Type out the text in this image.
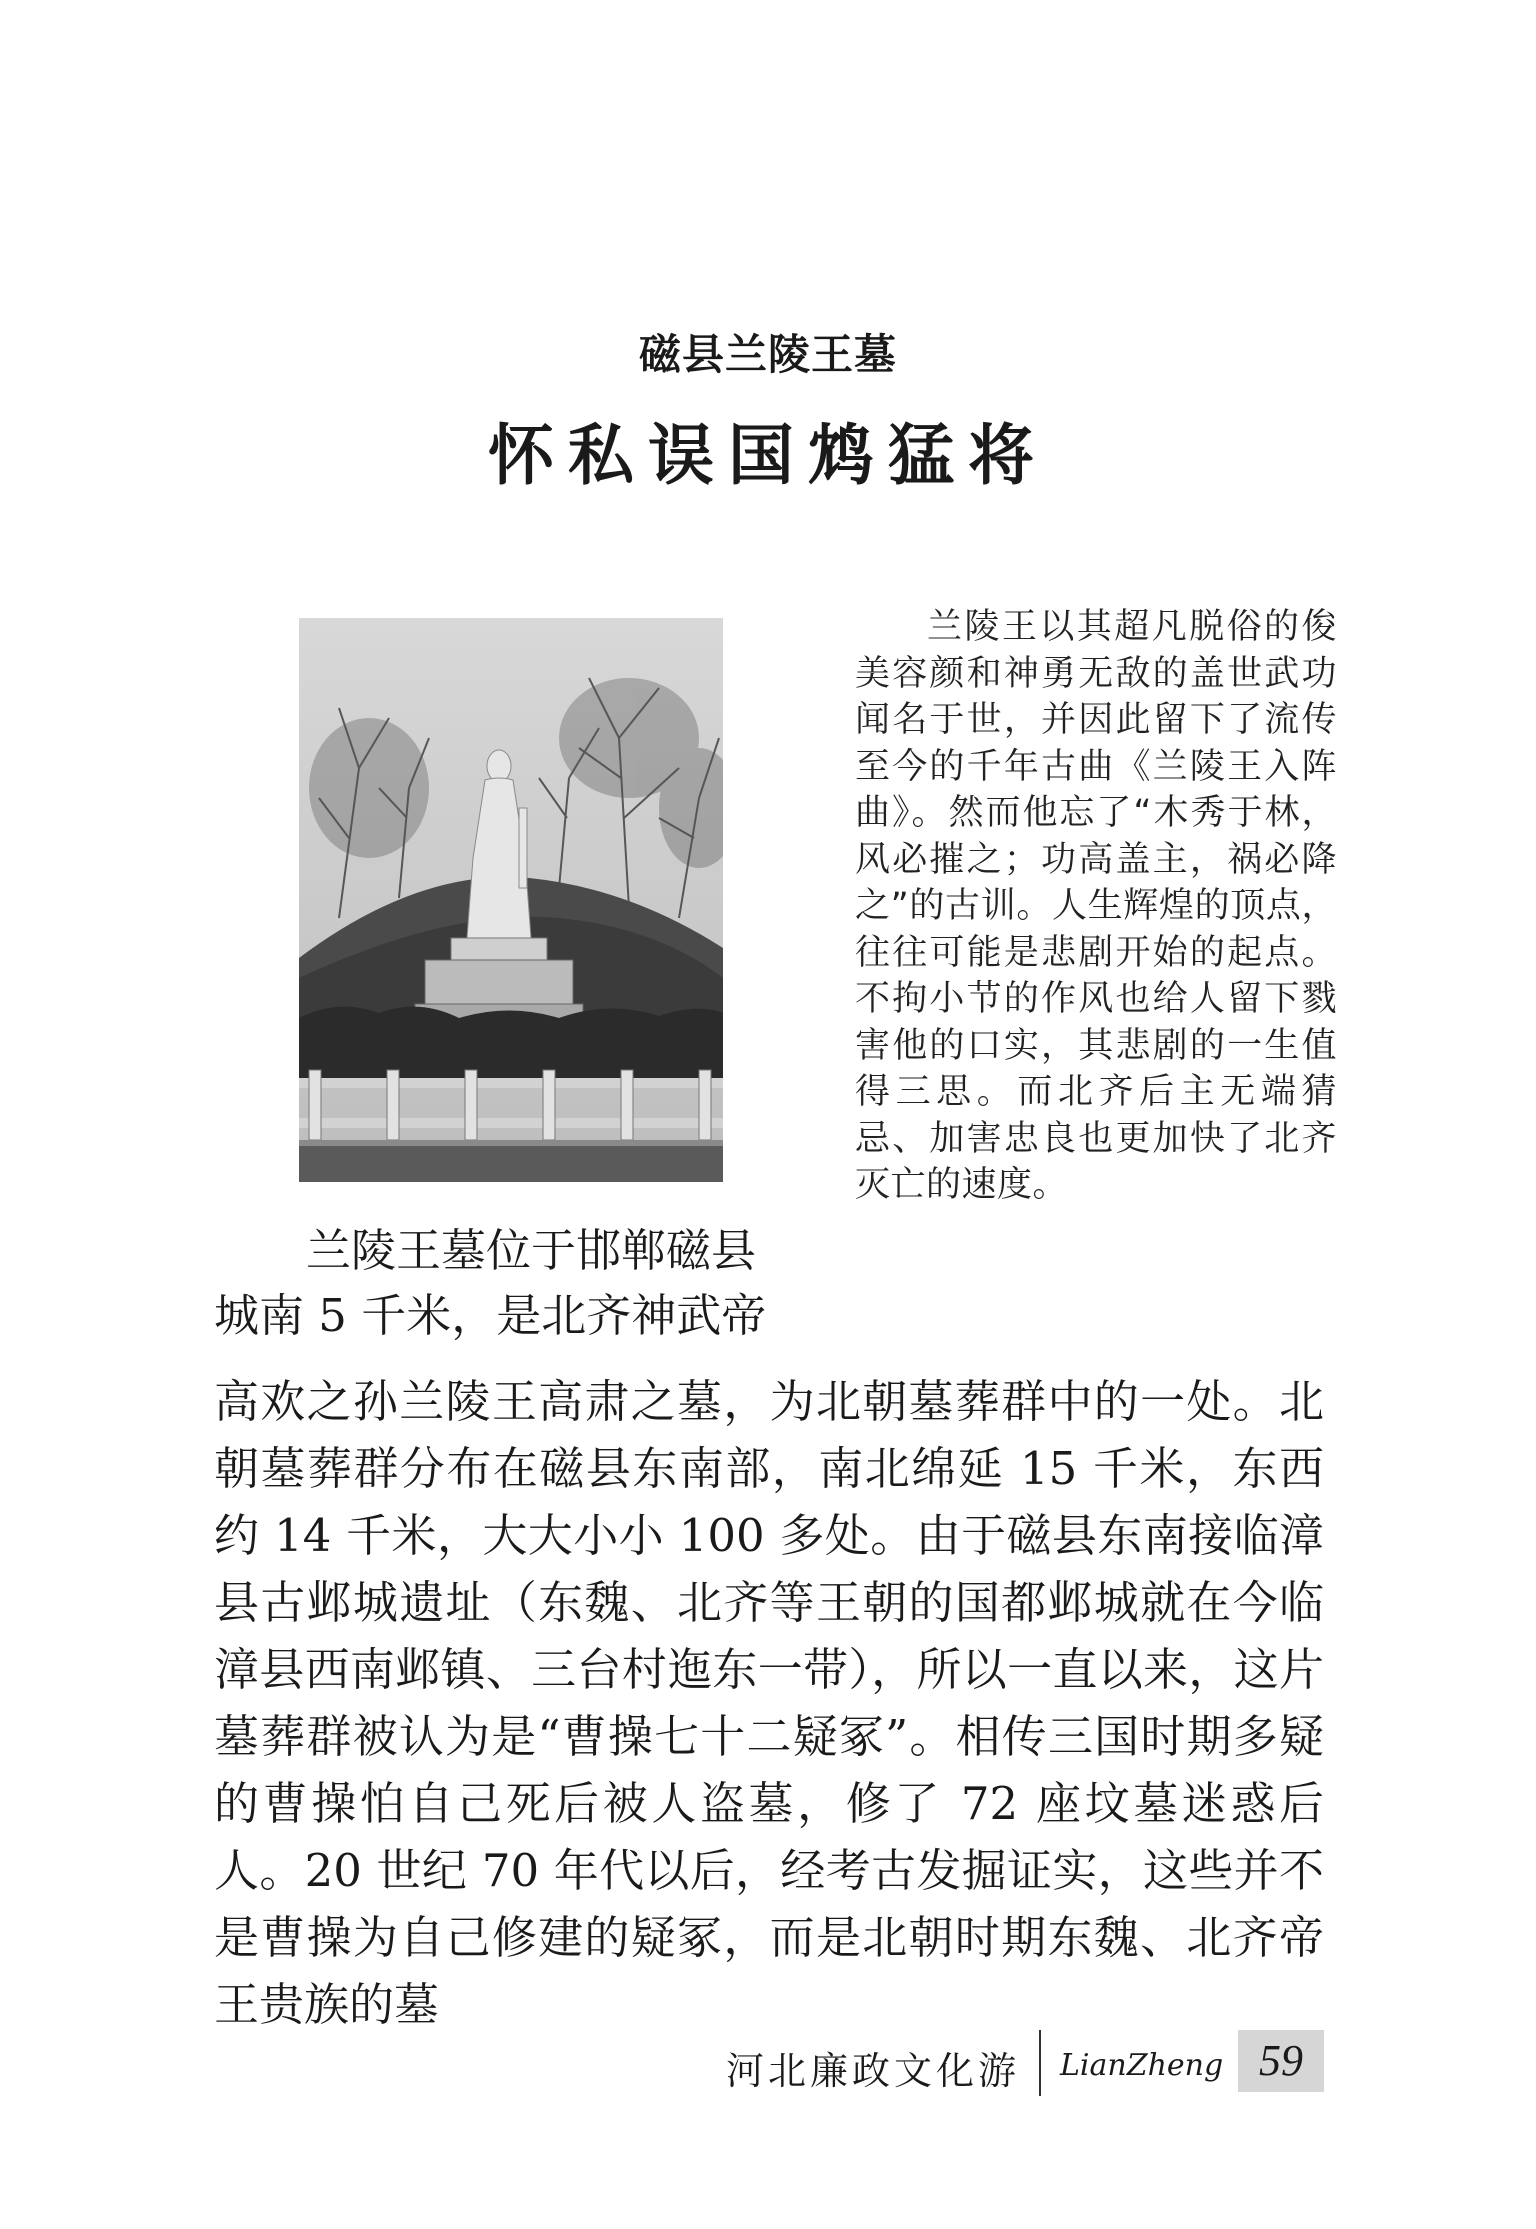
磁县兰陵王墓
怀私误国鸩猛将
兰陵王以其超凡脱俗的俊美容颜和神勇无敌的盖世武功闻名于世，并因此留下了流传至今的千年古曲《兰陵王入阵曲》。然而他忘了“木秀于林，风必摧之；功高盖主，祸必降之”的古训。人生辉煌的顶点，往往可能是悲剧开始的起点。不拘小节的作风也给人留下戮害他的口实，其悲剧的一生值得三思。而北齐后主无端猜忌、加害忠良也更加快了北齐灭亡的速度。
兰陵王墓位于邯郸磁县
城南 5 千米，是北齐神武帝
高欢之孙兰陵王高肃之墓，为北朝墓葬群中的一处。北朝墓葬群分布在磁县东南部，南北绵延 15 千米，东西约 14 千米，大大小小 100 多处。由于磁县东南接临漳县古邺城遗址（东魏、北齐等王朝的国都邺城就在今临漳县西南邺镇、三台村迤东一带），所以一直以来，这片墓葬群被认为是“曹操七十二疑冢”。相传三国时期多疑的曹操怕自己死后被人盗墓，修了 72 座坟墓迷惑后人。20 世纪 70 年代以后，经考古发掘证实，这些并不是曹操为自己修建的疑冢，而是北朝时期东魏、北齐帝王贵族的墓
河北廉政文化游 LianZheng 59
